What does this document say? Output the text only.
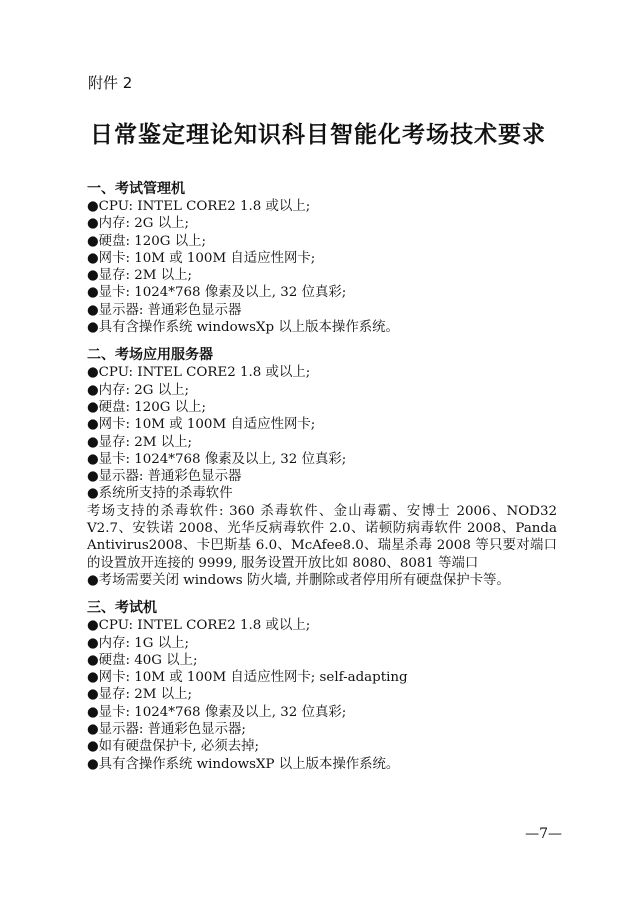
附件 2
日常鉴定理论知识科目智能化考场技术要求
一、考试管理机
●CPU: INTEL CORE2 1.8 或以上;
●内存: 2G 以上;
●硬盘: 120G 以上;
●网卡: 10M 或 100M 自适应性网卡;
●显存: 2M 以上;
●显卡: 1024*768 像素及以上, 32 位真彩;
●显示器: 普通彩色显示器
●具有含操作系统 windowsXp 以上版本操作系统。
二、考场应用服务器
●CPU: INTEL CORE2 1.8 或以上;
●内存: 2G 以上;
●硬盘: 120G 以上;
●网卡: 10M 或 100M 自适应性网卡;
●显存: 2M 以上;
●显卡: 1024*768 像素及以上, 32 位真彩;
●显示器: 普通彩色显示器
●系统所支持的杀毒软件
考场支持的杀毒软件: 360 杀毒软件、金山毒霸、安博士 2006、NOD32 V2.7、安铁诺 2008、光华反病毒软件 2.0、诺顿防病毒软件 2008、Panda Antivirus2008、卡巴斯基 6.0、McAfee8.0、瑞星杀毒 2008 等只要对端口的设置放开连接的 9999, 服务设置开放比如 8080、8081 等端口
●考场需要关闭 windows 防火墙, 并删除或者停用所有硬盘保护卡等。
三、考试机
●CPU: INTEL CORE2 1.8 或以上;
●内存: 1G 以上;
●硬盘: 40G 以上;
●网卡: 10M 或 100M 自适应性网卡; self-adapting
●显存: 2M 以上;
●显卡: 1024*768 像素及以上, 32 位真彩;
●显示器: 普通彩色显示器;
●如有硬盘保护卡, 必须去掉;
●具有含操作系统 windowsXP 以上版本操作系统。
—7—
